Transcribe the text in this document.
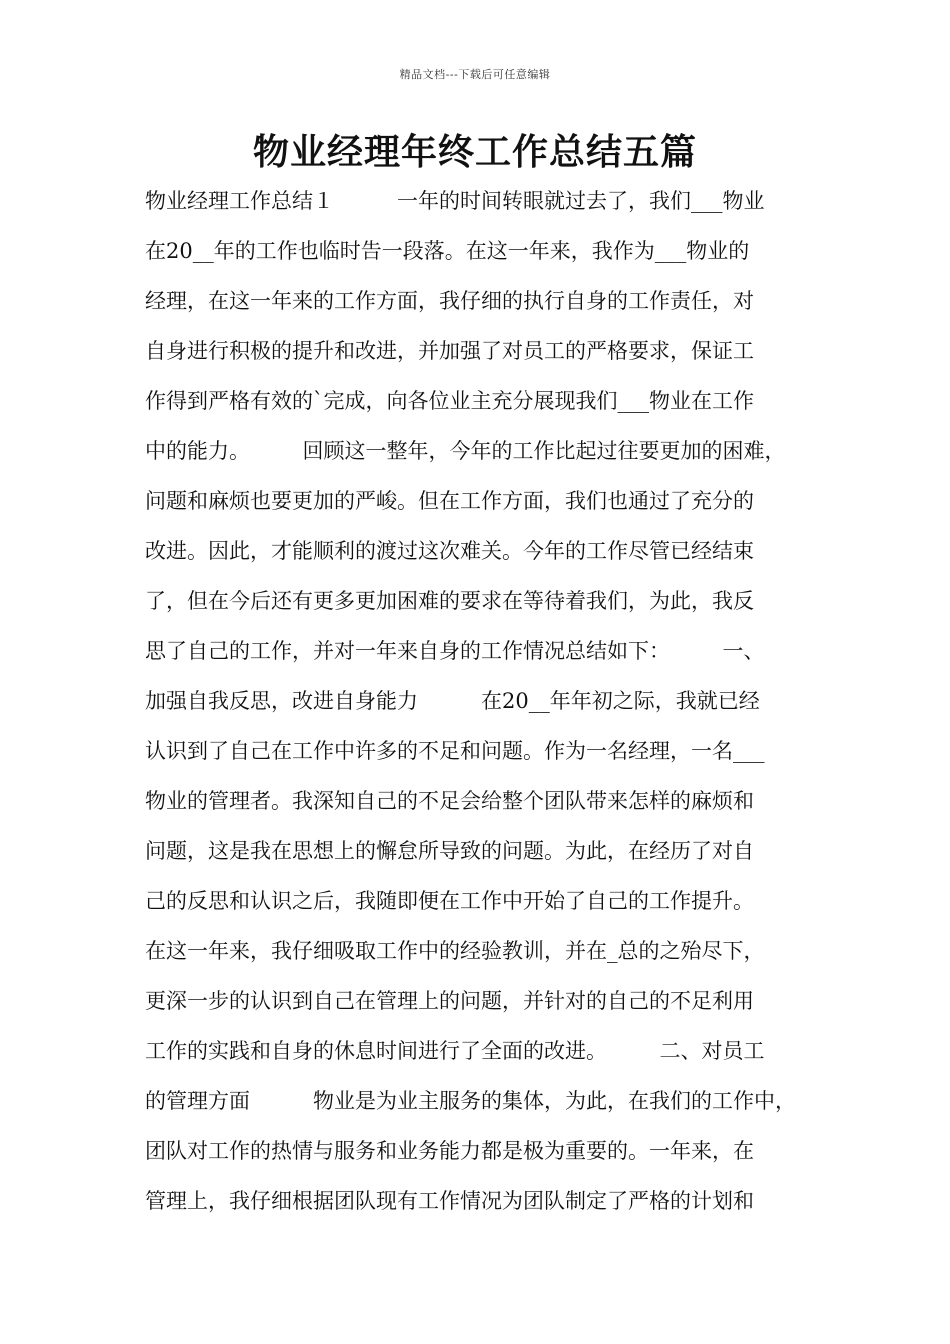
精品文档---下载后可任意编辑
物业经理年终工作总结五篇
物业经理工作总结１　　　一年的时间转眼就过去了，我们___物业
在20__年的工作也临时告一段落。在这一年来，我作为___物业的
经理，在这一年来的工作方面，我仔细的执行自身的工作责任，对
自身进行积极的提升和改进，并加强了对员工的严格要求，保证工
作得到严格有效的`完成，向各位业主充分展现我们___物业在工作
中的能力。　　　回顾这一整年，今年的工作比起过往要更加的困难，
问题和麻烦也要更加的严峻。但在工作方面，我们也通过了充分的
改进。因此，才能顺利的渡过这次难关。今年的工作尽管已经结束
了，但在今后还有更多更加困难的要求在等待着我们，为此，我反
思了自己的工作，并对一年来自身的工作情况总结如下：　　　一、
加强自我反思，改进自身能力　　　在20__年年初之际，我就已经
认识到了自己在工作中许多的不足和问题。作为一名经理，一名___
物业的管理者。我深知自己的不足会给整个团队带来怎样的麻烦和
问题，这是我在思想上的懈怠所导致的问题。为此，在经历了对自
己的反思和认识之后，我随即便在工作中开始了自己的工作提升。
在这一年来，我仔细吸取工作中的经验教训，并在_总的之殆尽下，
更深一步的认识到自己在管理上的问题，并针对的自己的不足利用
工作的实践和自身的休息时间进行了全面的改进。　　　二、对员工
的管理方面　　　物业是为业主服务的集体，为此，在我们的工作中，
团队对工作的热情与服务和业务能力都是极为重要的。一年来，在
管理上，我仔细根据团队现有工作情况为团队制定了严格的计划和
